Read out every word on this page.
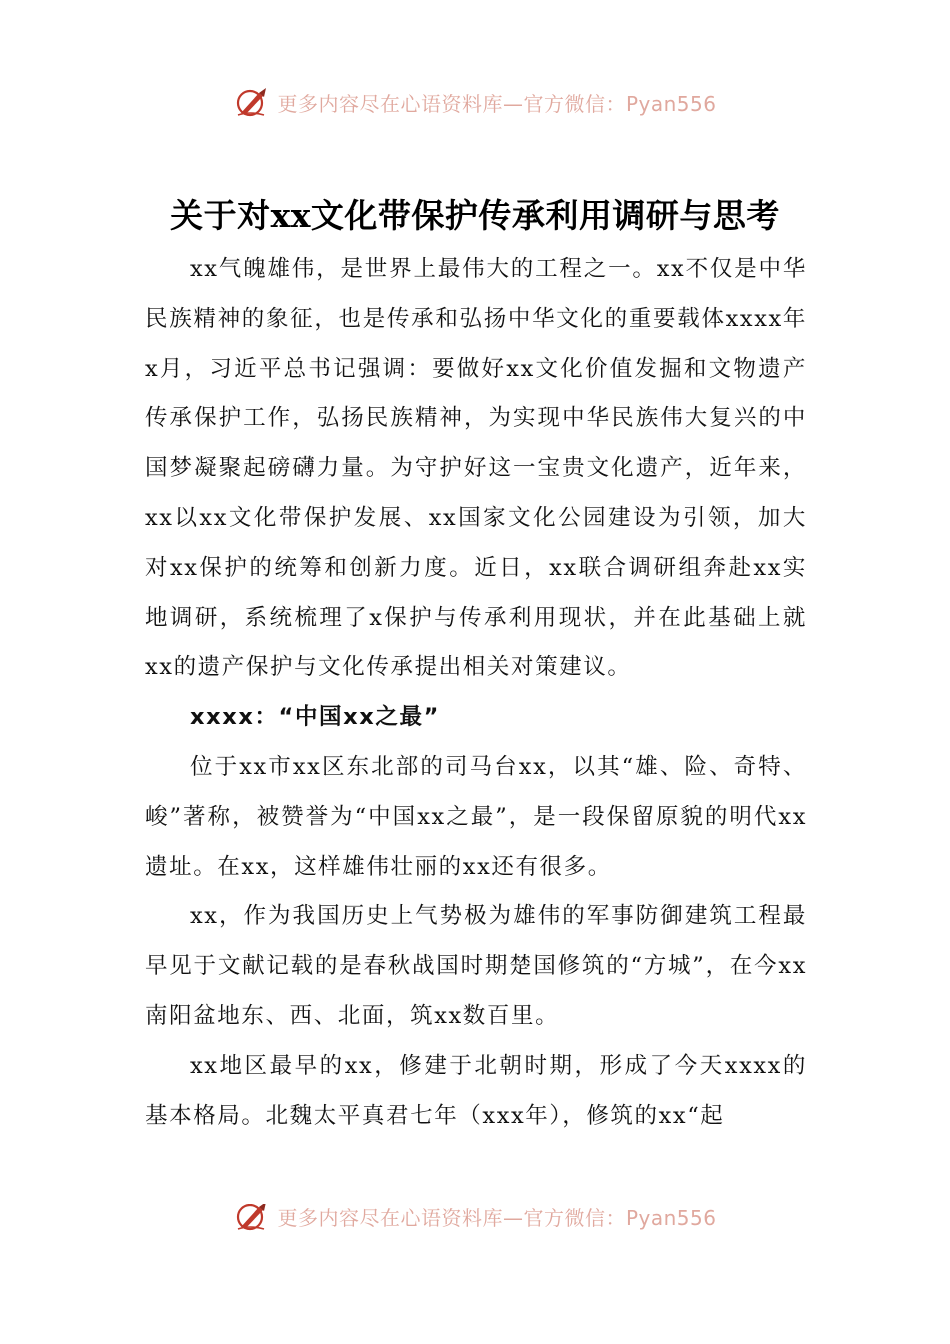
更多内容尽在心语资料库—官方微信：Pyan556
关于对xx文化带保护传承利用调研与思考

xx气魄雄伟，是世界上最伟大的工程之一。xx不仅是中华民族精神的象征，也是传承和弘扬中华文化的重要载体xxxx年x月，习近平总书记强调：要做好xx文化价值发掘和文物遗产传承保护工作，弘扬民族精神，为实现中华民族伟大复兴的中国梦凝聚起磅礴力量。为守护好这一宝贵文化遗产，近年来，xx以xx文化带保护发展、xx国家文化公园建设为引领，加大对xx保护的统筹和创新力度。近日，xx联合调研组奔赴xx实地调研，系统梳理了x保护与传承利用现状，并在此基础上就xx的遗产保护与文化传承提出相关对策建议。

xxxx：“中国xx之最”

位于xx市xx区东北部的司马台xx，以其“雄、险、奇特、峻”著称，被赞誉为“中国xx之最”，是一段保留原貌的明代xx遗址。在xx，这样雄伟壮丽的xx还有很多。

xx，作为我国历史上气势极为雄伟的军事防御建筑工程最早见于文献记载的是春秋战国时期楚国修筑的“方城”，在今xx南阳盆地东、西、北面，筑xx数百里。

xx地区最早的xx，修建于北朝时期，形成了今天xxxx的基本格局。北魏太平真君七年（xxx年），修筑的xx“起

更多内容尽在心语资料库—官方微信：Pyan556
